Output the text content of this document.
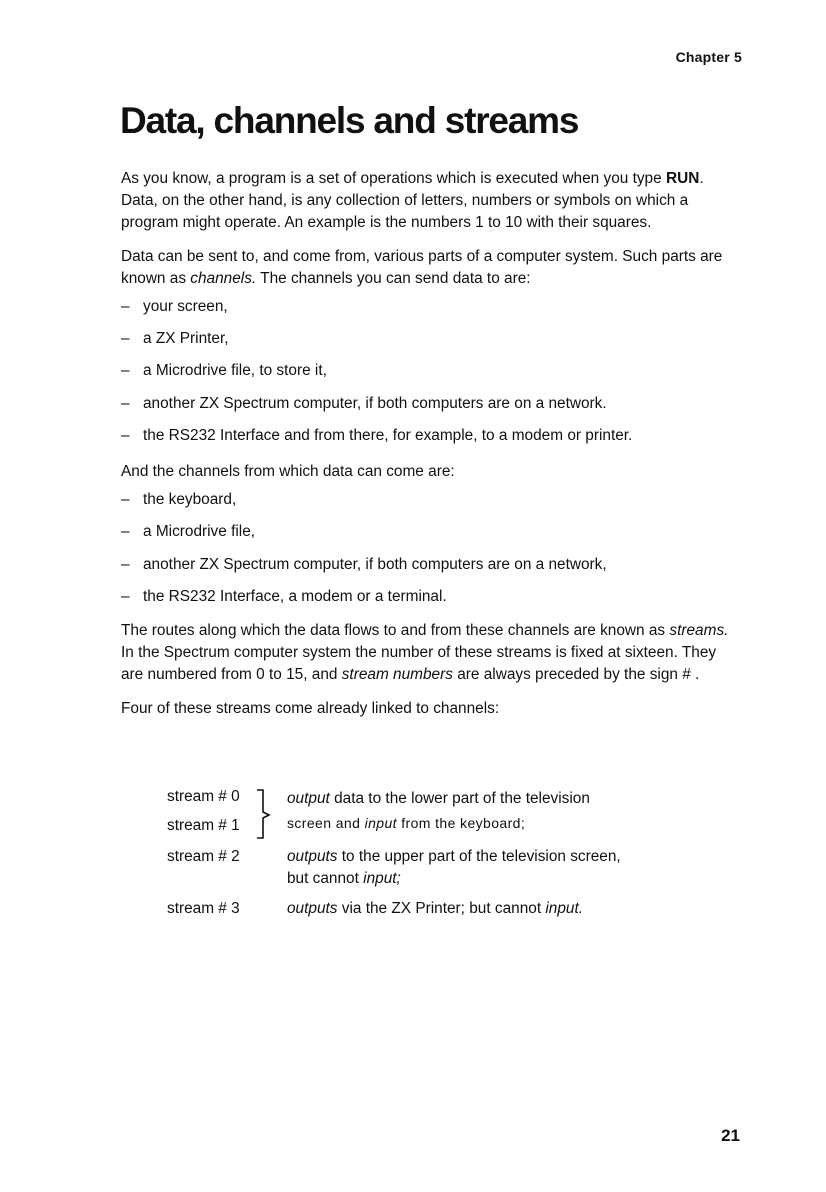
Chapter 5
Data, channels and streams

As you know, a program is a set of operations which is executed when you type RUN. Data, on the other hand, is any collection of letters, numbers or symbols on which a program might operate. An example is the numbers 1 to 10 with their squares.

Data can be sent to, and come from, various parts of a computer system. Such parts are known as channels. The channels you can send data to are:

– your screen,
– a ZX Printer,
– a Microdrive file, to store it,
– another ZX Spectrum computer, if both computers are on a network.
– the RS232 Interface and from there, for example, to a modem or printer.

And the channels from which data can come are:

– the keyboard,
– a Microdrive file,
– another ZX Spectrum computer, if both computers are on a network,
– the RS232 Interface, a modem or a terminal.

The routes along which the data flows to and from these channels are known as streams. In the Spectrum computer system the number of these streams is fixed at sixteen. They are numbered from 0 to 15, and stream numbers are always preceded by the sign # .

Four of these streams come already linked to channels:

stream # 0
stream # 1
output data to the lower part of the television
screen and input from the keyboard;
stream # 2	outputs to the upper part of the television screen,
but cannot input;
stream # 3	outputs via the ZX Printer; but cannot input.
21
